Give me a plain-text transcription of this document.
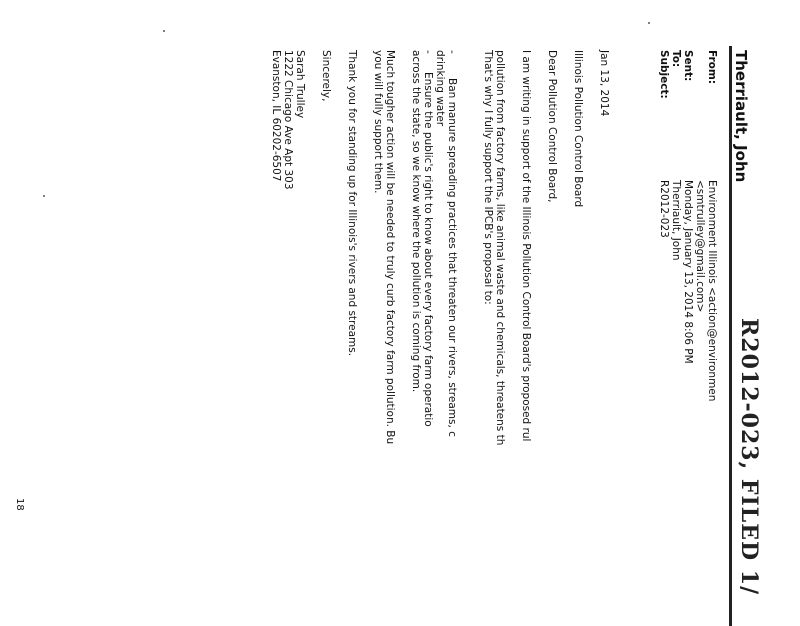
R2012-023, FILED 1/
Therriault, John
From:
Environment Illinois <action@environmen
<smtrulley@gmail.com>
Sent:
Monday, January 13, 2014 8:06 PM
To:
Therriault, John
Subject:
R2012-023
Jan 13, 2014
Illinois Pollution Control Board
Dear Pollution Control Board,
I am writing in support of the Illinois Pollution Control Board's proposed rul
pollution from factory farms, like animal waste and chemicals, threatens th
That's why I fully support the IPCB's proposal to:
-
Ban manure spreading practices that threaten our rivers, streams, c
drinking water
-
Ensure the public's right to know about every factory farm operatio
across the state, so we know where the pollution is coming from.
Much tougher action will be needed to truly curb factory farm pollution. Bu
you will fully support them.
Thank you for standing up for Illinois's rivers and streams.
Sincerely,
Sarah Trulley
1222 Chicago Ave Apt 303
Evanston, IL 60202-6507
18
